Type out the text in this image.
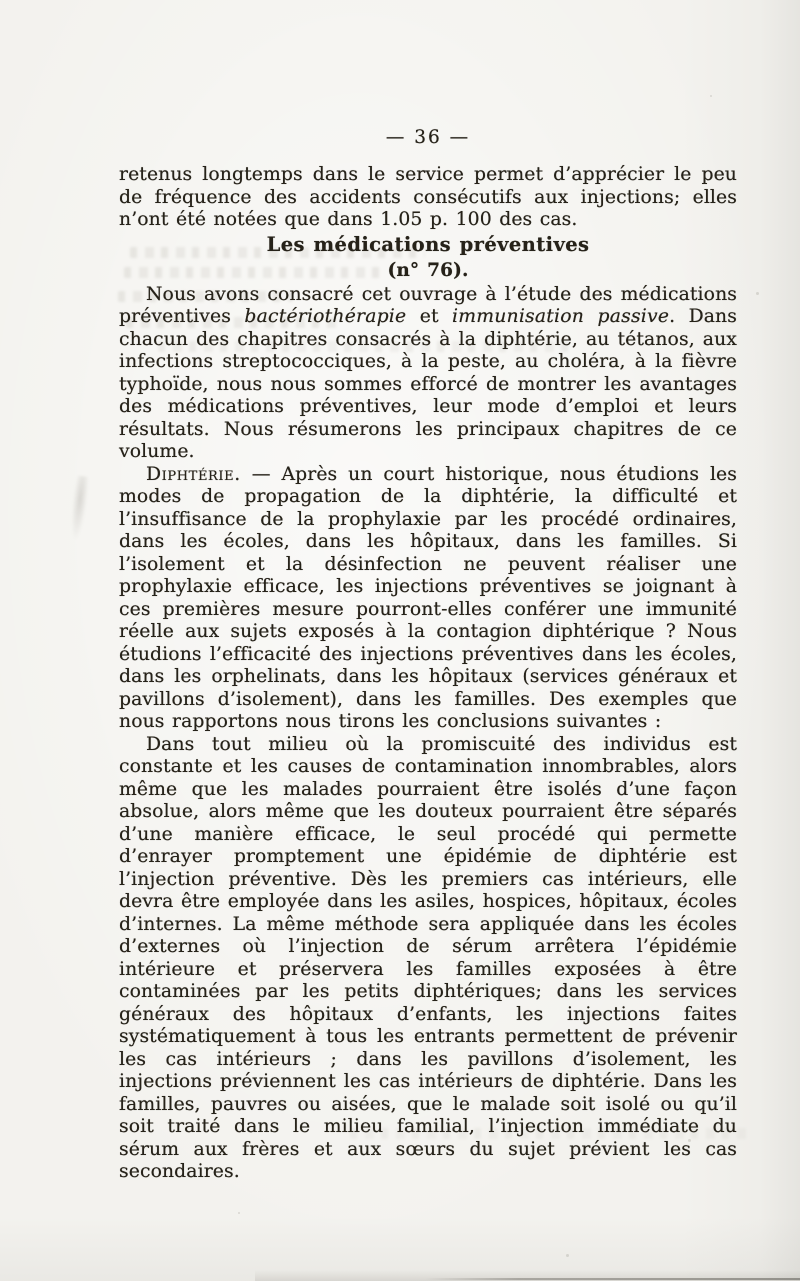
— 36 —

retenus longtemps dans le service permet d’apprécier le peu de fréquence des accidents consécutifs aux injections; elles n’ont été notées que dans 1.05 p. 100 des cas.

Les médications préventives

(n° 76).

Nous avons consacré cet ouvrage à l’étude des médications préventives bactériothérapie et immunisation passive. Dans chacun des chapitres consacrés à la diphtérie, au tétanos, aux infections streptococciques, à la peste, au choléra, à la fièvre typhoïde, nous nous sommes efforcé de montrer les avantages des médications préventives, leur mode d’emploi et leurs résultats. Nous résumerons les principaux chapitres de ce volume.

Diphtérie. — Après un court historique, nous étudions les modes de propagation de la diphtérie, la difficulté et l’insuffisance de la prophylaxie par les procédé ordinaires, dans les écoles, dans les hôpitaux, dans les familles. Si l’isolement et la désinfection ne peuvent réaliser une prophylaxie efficace, les injections préventives se joignant à ces premières mesure pourront-elles conférer une immunité réelle aux sujets exposés à la contagion diphtérique ? Nous étudions l’efficacité des injections préventives dans les écoles, dans les orphelinats, dans les hôpitaux (services généraux et pavillons d’isolement), dans les familles. Des exemples que nous rapportons nous tirons les conclusions suivantes :

Dans tout milieu où la promiscuité des individus est constante et les causes de contamination innombrables, alors même que les malades pourraient être isolés d’une façon absolue, alors même que les douteux pourraient être séparés d’une manière efficace, le seul procédé qui permette d’enrayer promptement une épidémie de diphtérie est l’injection préventive. Dès les premiers cas intérieurs, elle devra être employée dans les asiles, hospices, hôpitaux, écoles d’internes. La même méthode sera appliquée dans les écoles d’externes où l’injection de sérum arrêtera l’épidémie intérieure et préservera les familles exposées à être contaminées par les petits diphtériques; dans les services généraux des hôpitaux d’enfants, les injections faites systématiquement à tous les entrants permettent de prévenir les cas intérieurs ; dans les pavillons d’isolement, les injections préviennent les cas intérieurs de diphtérie. Dans les familles, pauvres ou aisées, que le malade soit isolé ou qu’il soit traité dans le milieu familial, l’injection immédiate du sérum aux frères et aux sœurs du sujet prévient les cas secondaires.
